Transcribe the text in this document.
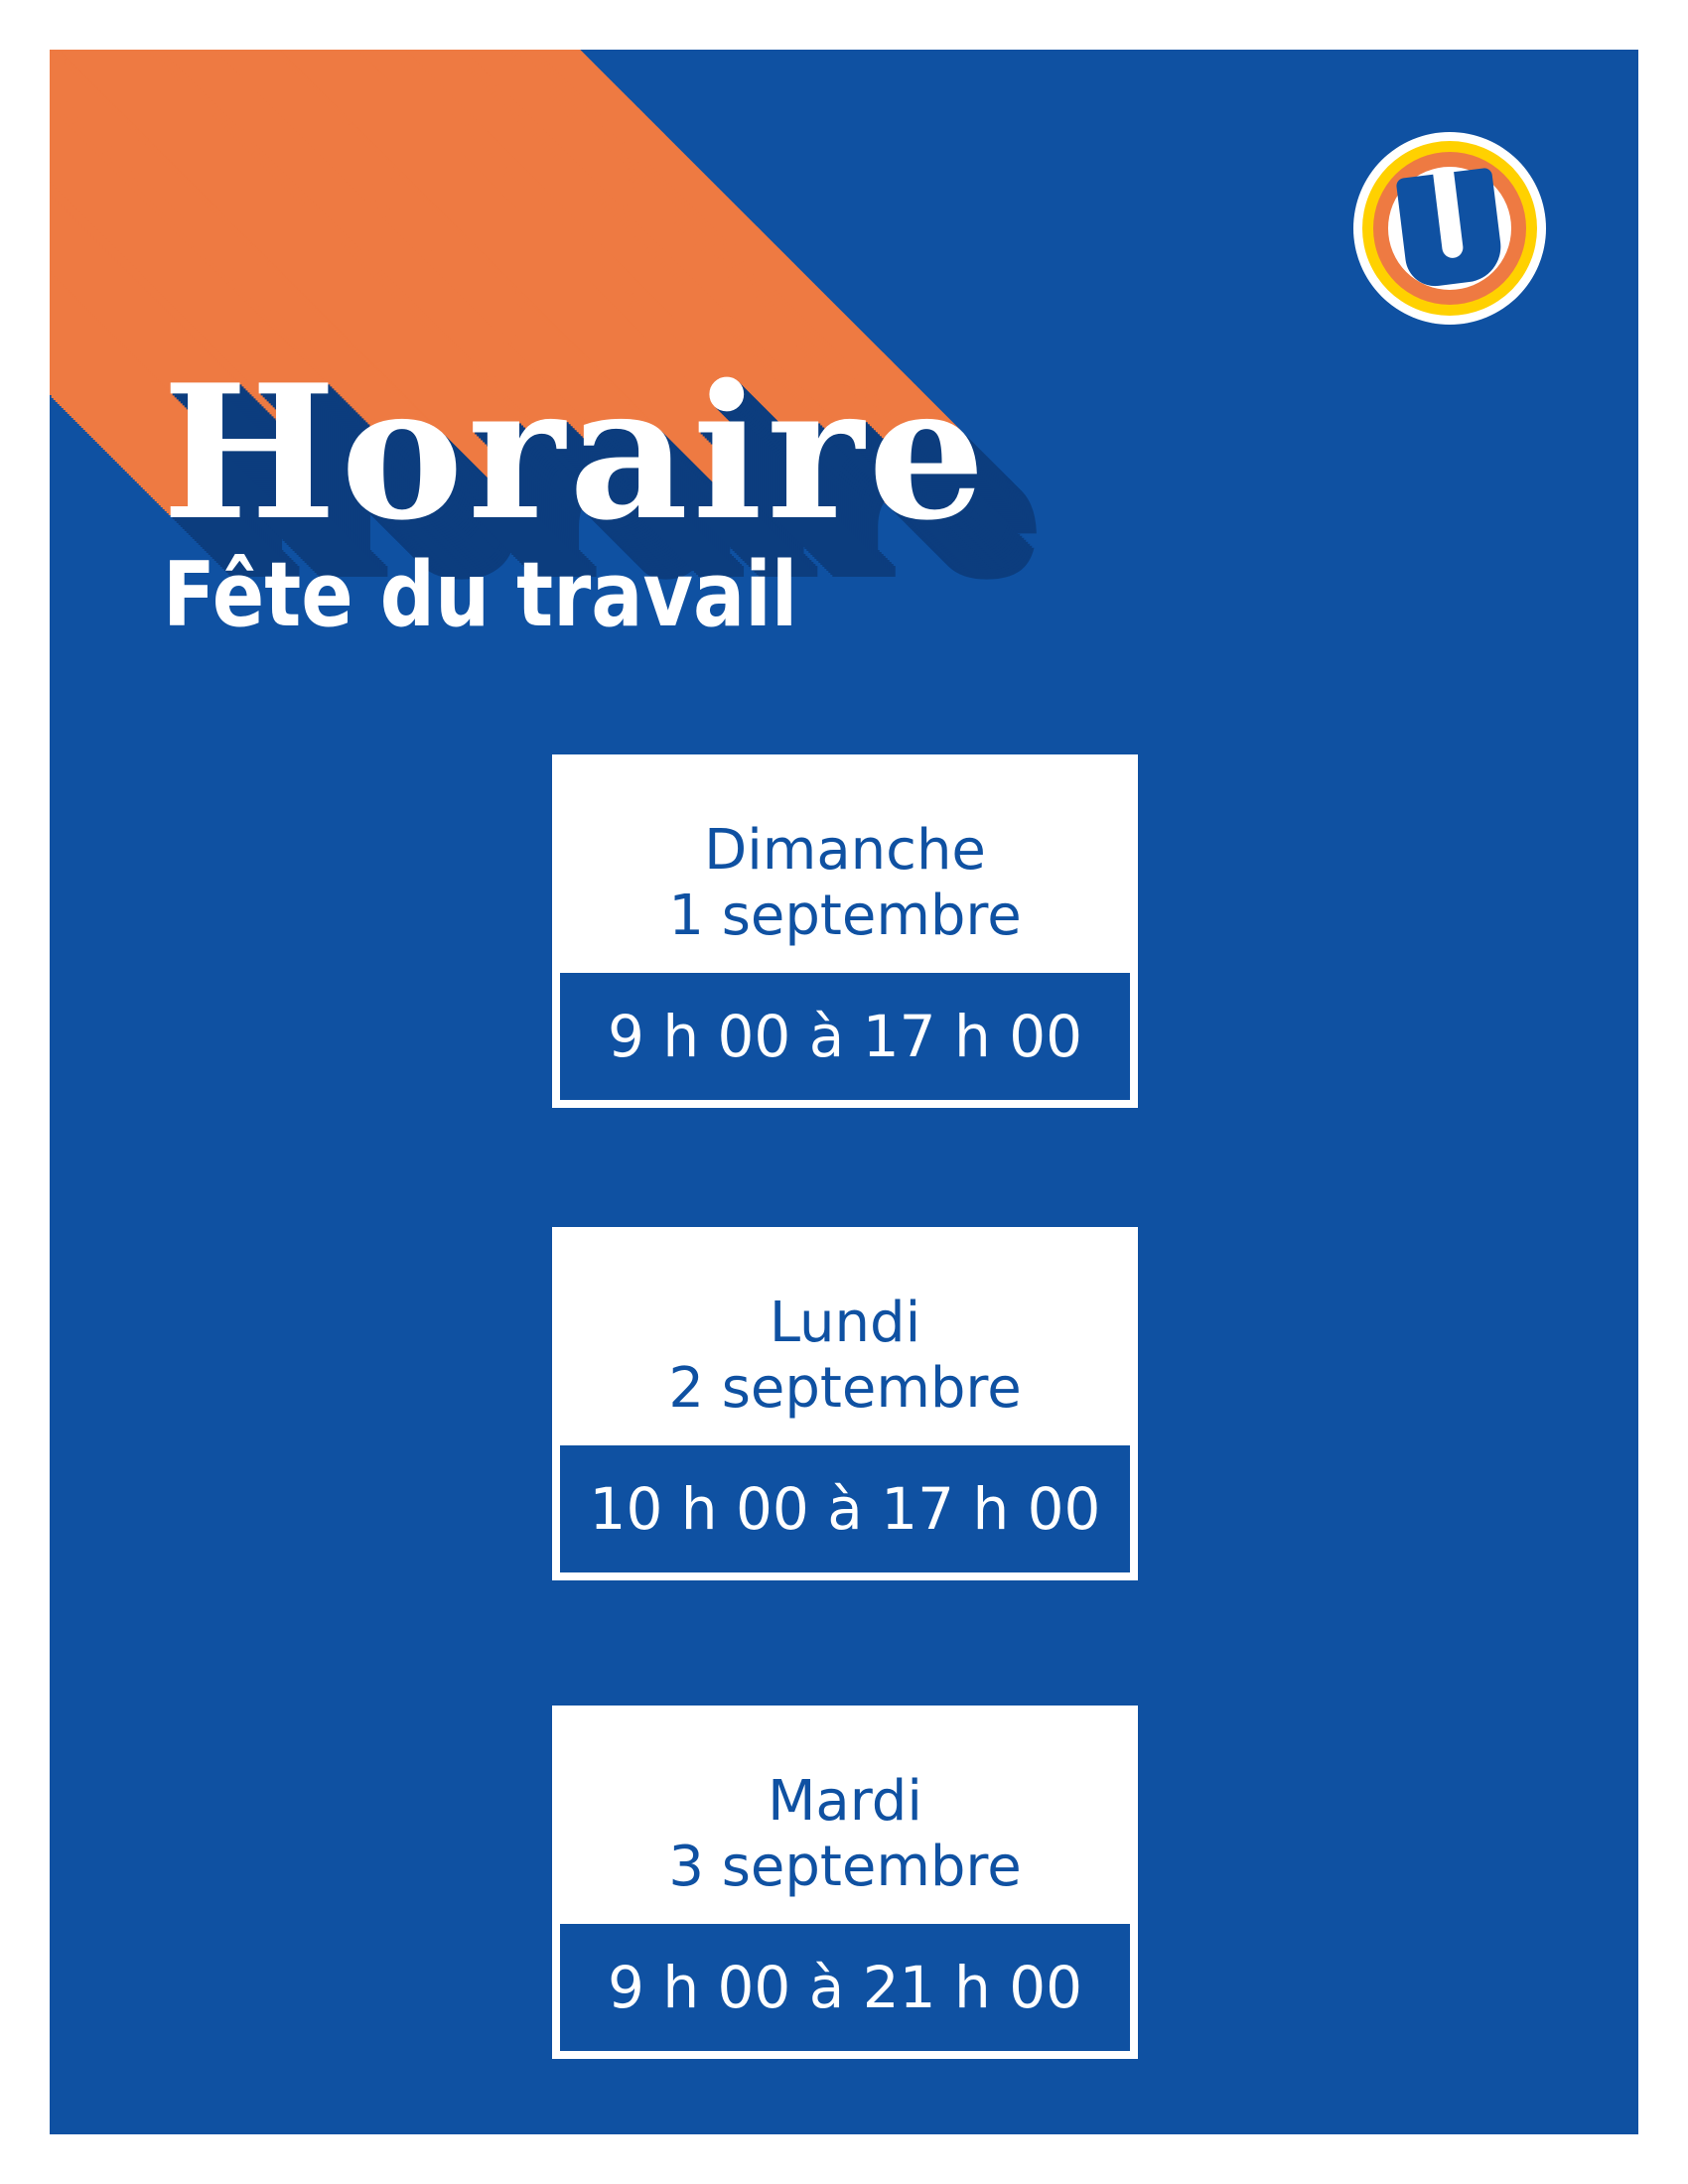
Horaire
Fête du travail
Dimanche
1 septembre
9 h 00 à 17 h 00
Lundi
2 septembre
10 h 00 à 17 h 00
Mardi
3 septembre
9 h 00 à 21 h 00
